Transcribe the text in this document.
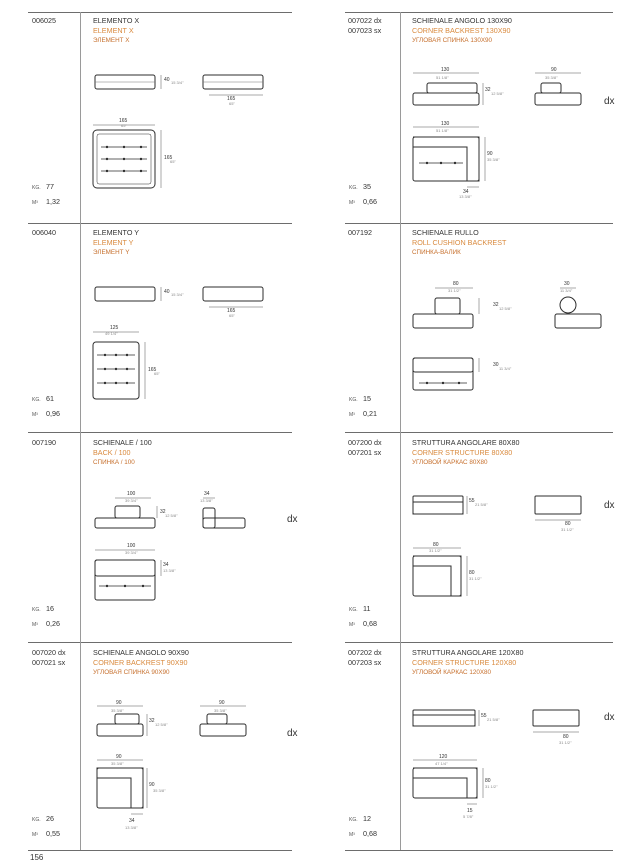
006025	ELEMENTO X
ELEMENT X
ЭЛЕМЕНТ X
KG. 77
M³ 1,32
40 15 3/4"
165
65"
165
65"
165
65"
006040	ELEMENTO Y
ELEMENT Y
ЭЛЕМЕНТ Y
KG. 61
M³ 0,96
40 15 3/4"
165
65"
125
49 1/4"
165
65"
007190	SCHIENALE / 100
BACK / 100
СПИНКА / 100
KG. 16
M³ 0,26
dx
100
39 3/4"
32
12 5/8"
34
13 3/8"
100
39 3/4"
34
13 3/8"
007020 dx
007021 sx
SCHIENALE ANGOLO 90X90
CORNER BACKREST 90X90
УГЛОВАЯ СПИНКА 90X90
KG. 26
M³ 0,55
dx
90
35 3/8"
32
12 5/8"
90
35 3/8"
90
35 3/8"
90
35 3/8"
34
13 3/8"
007022 dx
007023 sx
SCHIENALE ANGOLO 130X90
CORNER BACKREST 130X90
УГЛОВАЯ СПИНКА 130X90
KG. 35
M³ 0,66
dx
130
51 1/8"
32
12 5/8"
90
35 3/8"
130
51 1/8"
90
35 3/8"
34
13 3/8"
007192	SCHIENALE RULLO
ROLL CUSHION BACKREST
СПИНКА-ВАЛИК
KG. 15
M³ 0,21
80
31 1/2"
32
12 5/8"
30
11 3/4"
30
11 3/4"
007200 dx
007201 sx
STRUTTURA ANGOLARE 80X80
CORNER STRUCTURE 80X80
УГЛОВОЙ КАРКАС 80X80
KG. 11
M³ 0,68
dx
55
21 5/8"
80
31 1/2"
80
31 1/2"
80
31 1/2"
007202 dx
007203 sx
STRUTTURA ANGOLARE 120X80
CORNER STRUCTURE 120X80
УГЛОВОЙ КАРКАС 120X80
KG. 12
M³ 0,68
dx
55
21 5/8"
80
31 1/2"
120
47 1/4"
80
31 1/2"
15
5 7/8"
156
